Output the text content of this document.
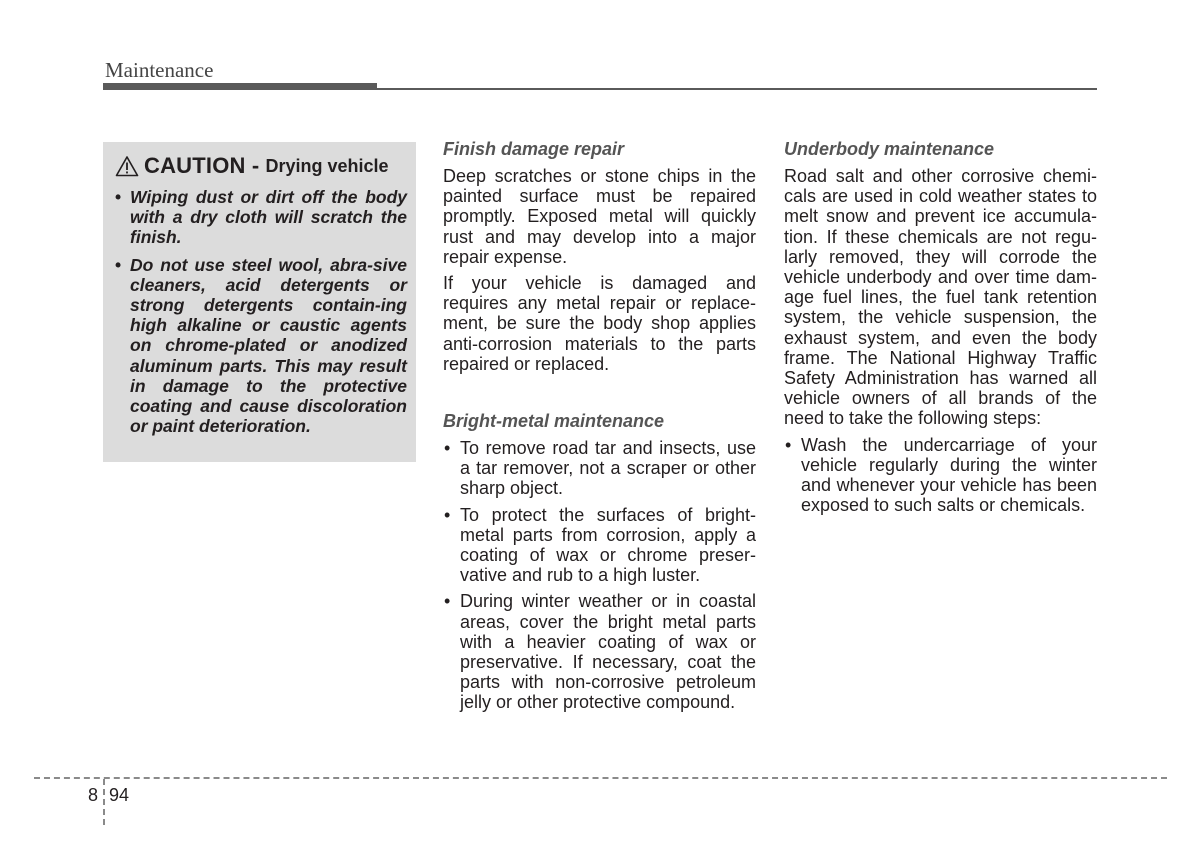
Maintenance
CAUTION - Drying vehicle
• Wiping dust or dirt off the body with a dry cloth will scratch the finish.
• Do not use steel wool, abra-sive cleaners, acid detergents or strong detergents contain-ing high alkaline or caustic agents on chrome-plated or anodized aluminum parts. This may result in damage to the protective coating and cause discoloration or paint deterioration.
Finish damage repair

Deep scratches or stone chips in the painted surface must be repaired promptly. Exposed metal will quickly rust and may develop into a major repair expense.

If your vehicle is damaged and requires any metal repair or replace-ment, be sure the body shop applies anti-corrosion materials to the parts repaired or replaced.

Bright-metal maintenance
• To remove road tar and insects, use a tar remover, not a scraper or other sharp object.
• To protect the surfaces of bright-metal parts from corrosion, apply a coating of wax or chrome preser-vative and rub to a high luster.
• During winter weather or in coastal areas, cover the bright metal parts with a heavier coating of wax or preservative. If necessary, coat the parts with non-corrosive petroleum jelly or other protective compound.
Underbody maintenance

Road salt and other corrosive chemi-cals are used in cold weather states to melt snow and prevent ice accumula-tion. If these chemicals are not regu-larly removed, they will corrode the vehicle underbody and over time dam-age fuel lines, the fuel tank retention system, the vehicle suspension, the exhaust system, and even the body frame. The National Highway Traffic Safety Administration has warned all vehicle owners of all brands of the need to take the following steps:

• Wash the undercarriage of your vehicle regularly during the winter and whenever your vehicle has been exposed to such salts or chemicals.
8 94
